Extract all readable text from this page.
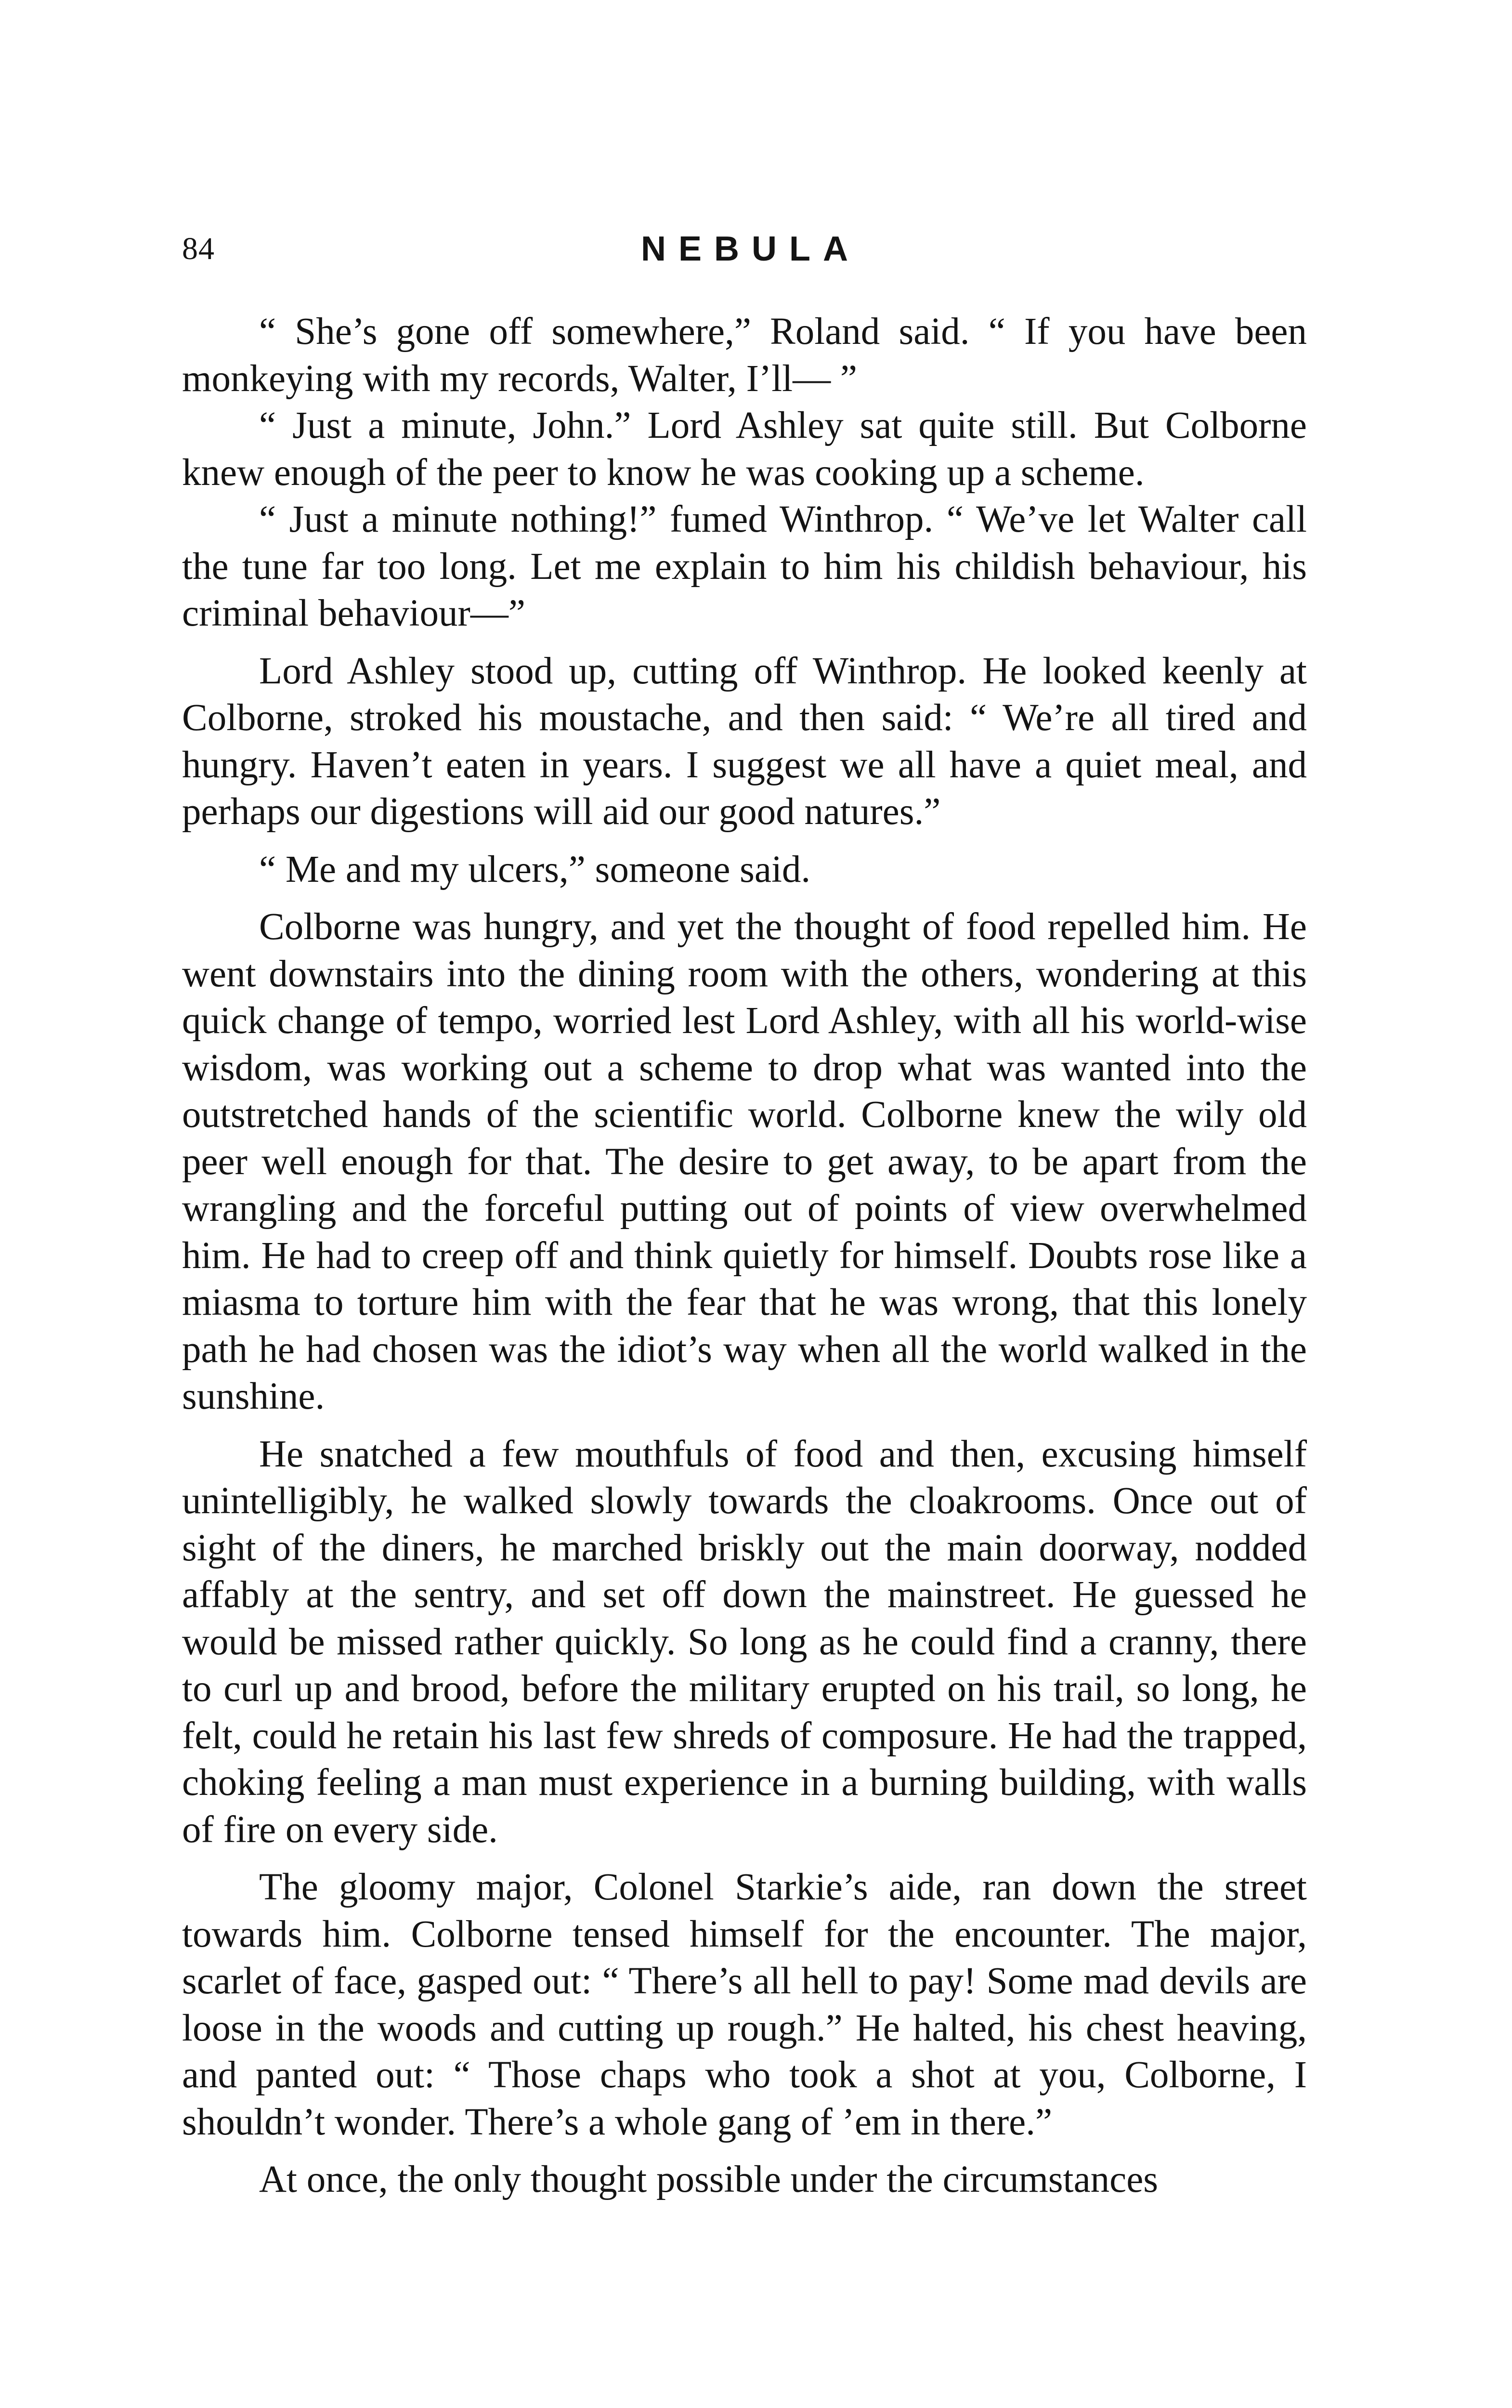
84	NEBULA

“ She’s gone off somewhere,” Roland said. “ If you have been monkeying with my records, Walter, I’ll— ”

“ Just a minute, John.” Lord Ashley sat quite still. But Colborne knew enough of the peer to know he was cooking up a scheme.

“ Just a minute nothing!” fumed Winthrop. “ We’ve let Walter call the tune far too long. Let me explain to him his childish behaviour, his criminal behaviour—”

Lord Ashley stood up, cutting off Winthrop. He looked keenly at Colborne, stroked his moustache, and then said: “ We’re all tired and hungry. Haven’t eaten in years. I suggest we all have a quiet meal, and perhaps our digestions will aid our good natures.”

“ Me and my ulcers,” someone said.

Colborne was hungry, and yet the thought of food repelled him. He went downstairs into the dining room with the others, wondering at this quick change of tempo, worried lest Lord Ashley, with all his world-wise wisdom, was working out a scheme to drop what was wanted into the outstretched hands of the scientific world. Colborne knew the wily old peer well enough for that. The desire to get away, to be apart from the wrangling and the forceful putting out of points of view overwhelmed him. He had to creep off and think quietly for himself. Doubts rose like a miasma to torture him with the fear that he was wrong, that this lonely path he had chosen was the idiot’s way when all the world walked in the sunshine.

He snatched a few mouthfuls of food and then, excusing himself unintelligibly, he walked slowly towards the cloakrooms. Once out of sight of the diners, he marched briskly out the main doorway, nodded affably at the sentry, and set off down the mainstreet. He guessed he would be missed rather quickly. So long as he could find a cranny, there to curl up and brood, before the military erupted on his trail, so long, he felt, could he retain his last few shreds of composure. He had the trapped, choking feeling a man must experience in a burning building, with walls of fire on every side.

The gloomy major, Colonel Starkie’s aide, ran down the street towards him. Colborne tensed himself for the encounter. The major, scarlet of face, gasped out: “ There’s all hell to pay! Some mad devils are loose in the woods and cutting up rough.” He halted, his chest heaving, and panted out: “ Those chaps who took a shot at you, Colborne, I shouldn’t wonder. There’s a whole gang of ’em in there.”

At once, the only thought possible under the circumstances
